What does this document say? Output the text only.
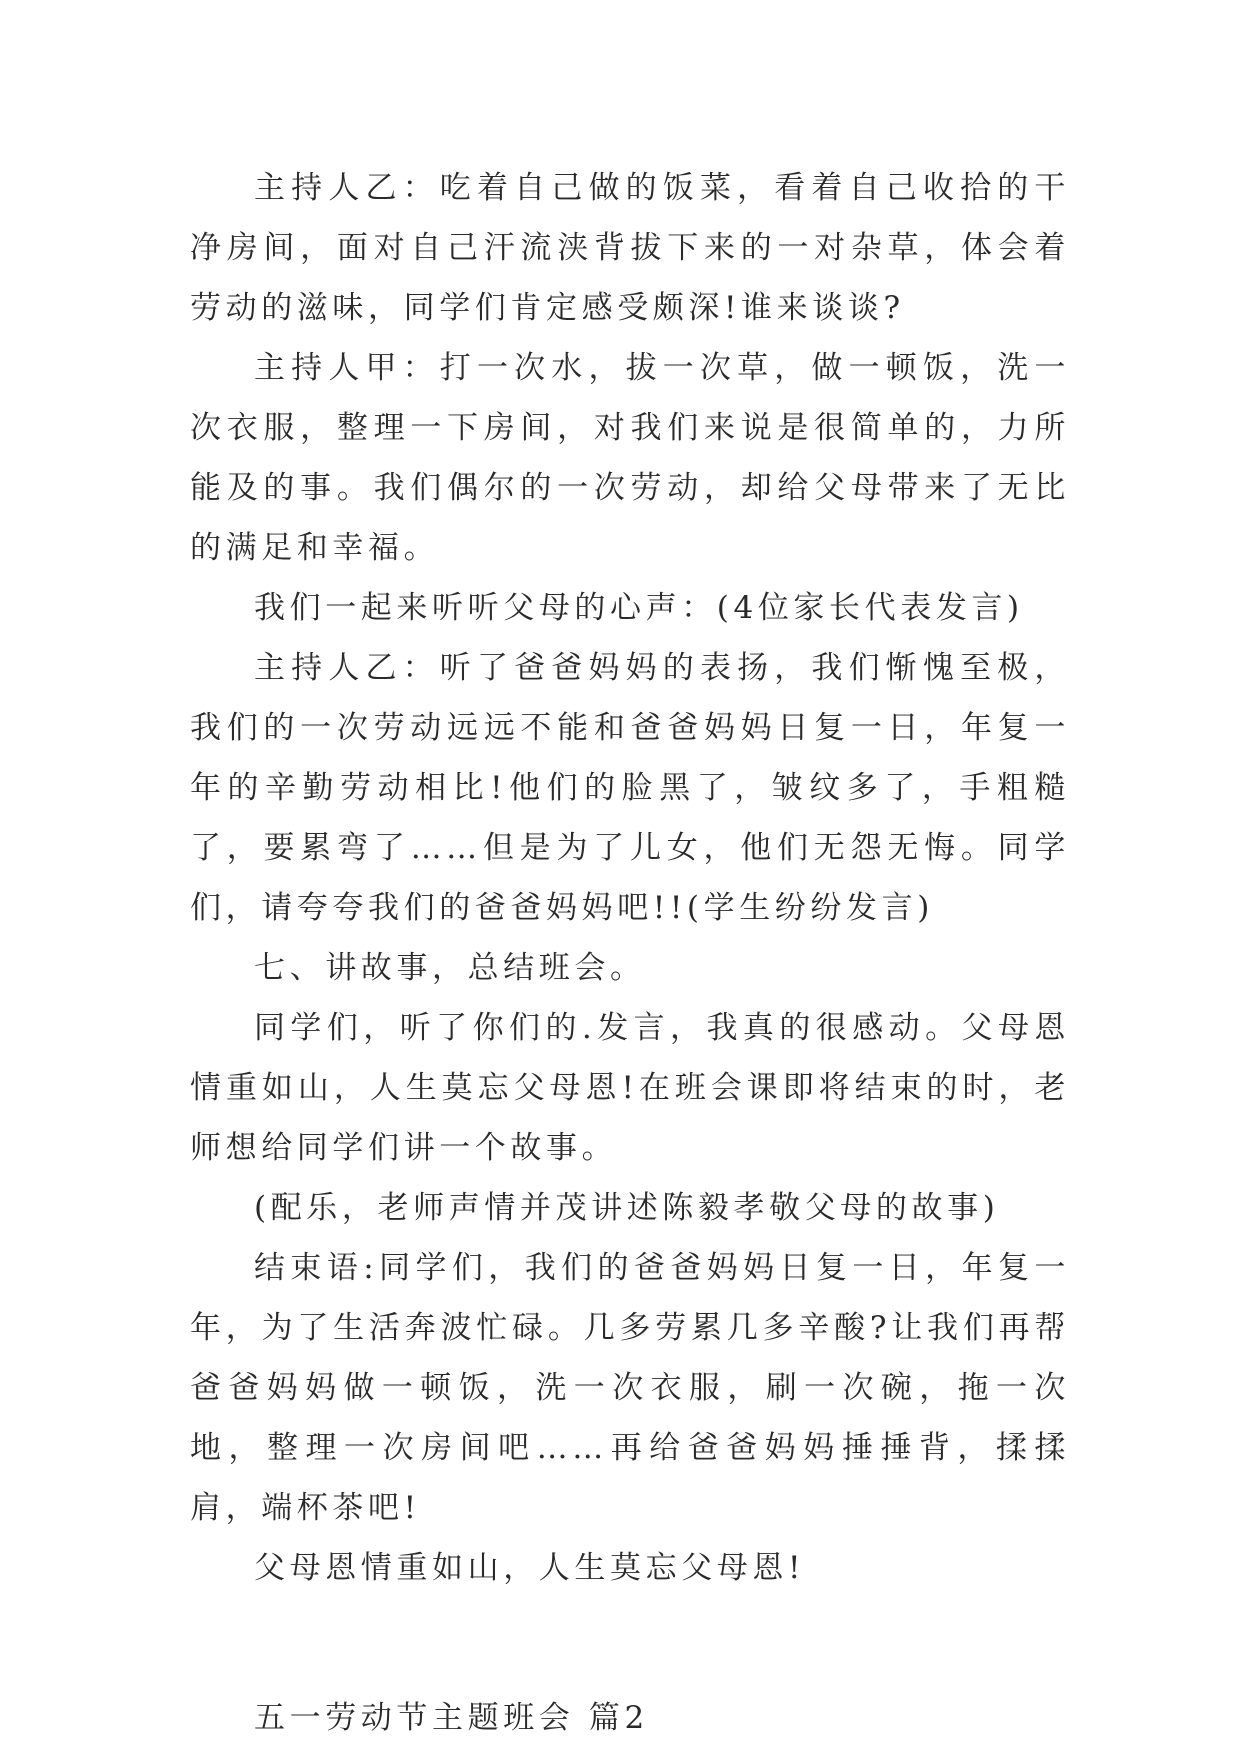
主持人乙：吃着自己做的饭菜，看着自己收拾的干净房间，面对自己汗流浃背拔下来的一对杂草，体会着劳动的滋味，同学们肯定感受颇深!谁来谈谈?

主持人甲：打一次水，拔一次草，做一顿饭，洗一次衣服，整理一下房间，对我们来说是很简单的，力所能及的事。我们偶尔的一次劳动，却给父母带来了无比的满足和幸福。

我们一起来听听父母的心声：(4位家长代表发言)

主持人乙：听了爸爸妈妈的表扬，我们惭愧至极，我们的一次劳动远远不能和爸爸妈妈日复一日，年复一年的辛勤劳动相比!他们的脸黑了，皱纹多了，手粗糙了，要累弯了……但是为了儿女，他们无怨无悔。同学们，请夸夸我们的爸爸妈妈吧!!(学生纷纷发言)

七、讲故事，总结班会。

同学们，听了你们的.发言，我真的很感动。父母恩情重如山，人生莫忘父母恩!在班会课即将结束的时，老师想给同学们讲一个故事。

(配乐，老师声情并茂讲述陈毅孝敬父母的故事)

结束语:同学们，我们的爸爸妈妈日复一日，年复一年，为了生活奔波忙碌。几多劳累几多辛酸?让我们再帮爸爸妈妈做一顿饭，洗一次衣服，刷一次碗，拖一次地，整理一次房间吧……再给爸爸妈妈捶捶背，揉揉肩，端杯茶吧!

父母恩情重如山，人生莫忘父母恩!

五一劳动节主题班会 篇2
